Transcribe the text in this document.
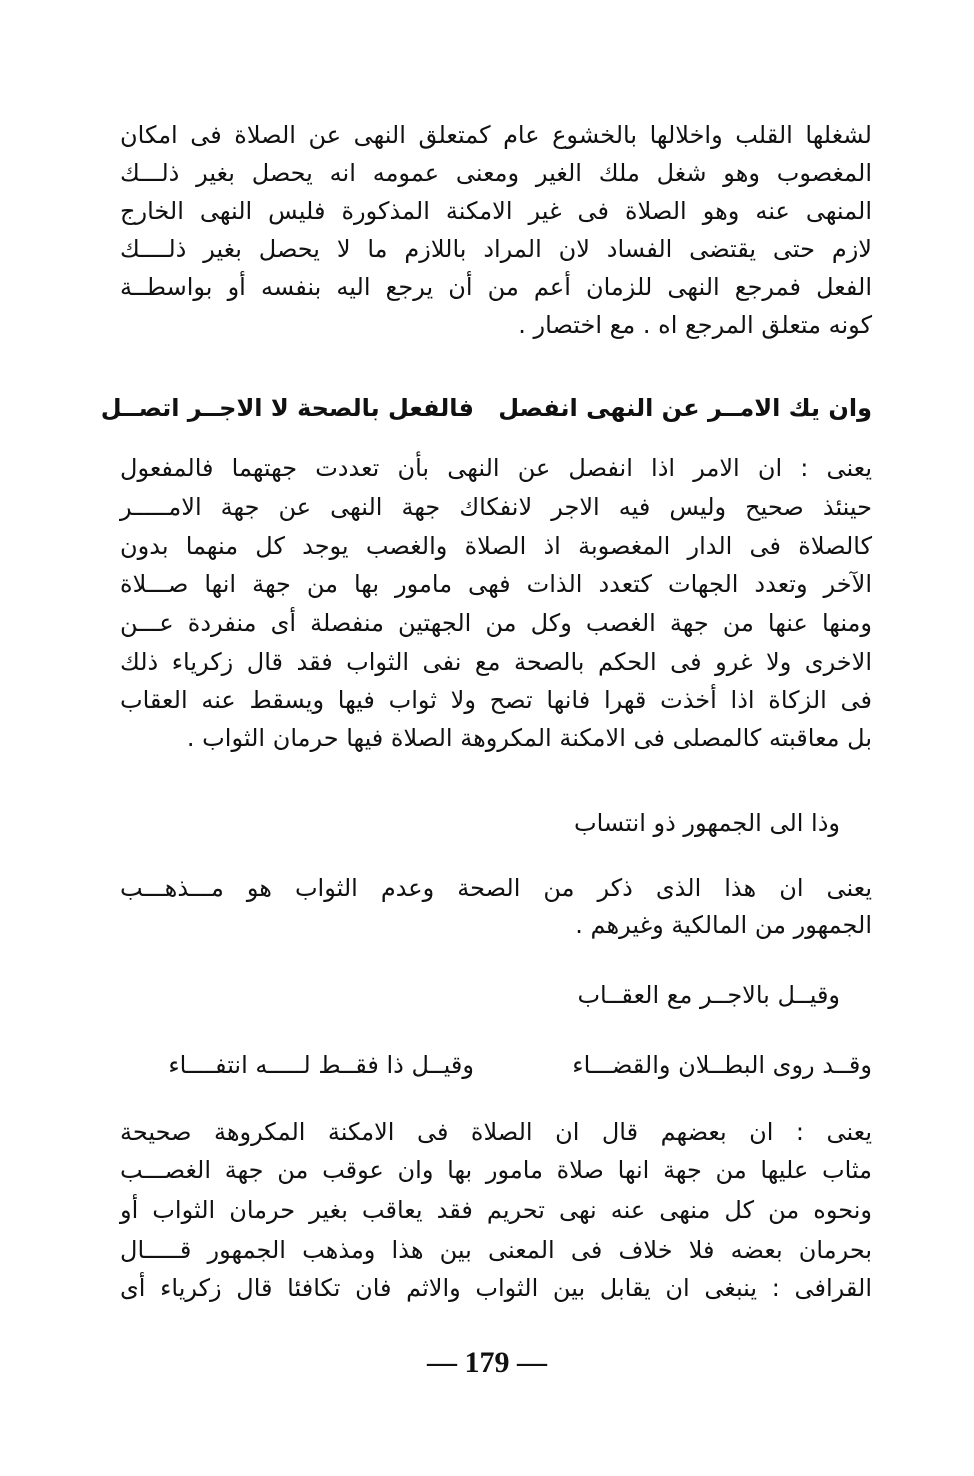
لشغلها القلب واخلالها بالخشوع عام كمتعلق النهى عن الصلاة فى امكان
المغصوب وهو شغل ملك الغير ومعنى عمومه انه يحصل بغير ذلـــك
المنهى عنه وهو الصلاة فى غير الامكنة المذكورة فليس النهى الخارج
لازم حتى يقتضى الفساد لان المراد باللازم ما لا يحصل بغير ذلــــك
الفعل فمرجع النهى للزمان أعم من أن يرجع اليه بنفسه أو بواسطــة
كونه متعلق المرجع اه . مع اختصار .
وان يك الامــر عن النهى انفصل
فالفعل بالصحة لا الاجــر اتصــل
يعنى : ان الامر اذا انفصل عن النهى بأن تعددت جهتهما فالمفعول
حينئذ صحيح وليس فيه الاجر لانفكاك جهة النهى عن جهة الامـــــر
كالصلاة فى الدار المغصوبة اذ الصلاة والغصب يوجد كل منهما بدون
الآخر وتعدد الجهات كتعدد الذات فهى مامور بها من جهة انها صـــلاة
ومنها عنها من جهة الغصب وكل من الجهتين منفصلة أى منفردة عـــن
الاخرى ولا غرو فى الحكم بالصحة مع نفى الثواب فقد قال زكرياء ذلك
فى الزكاة اذا أخذت قهرا فانها تصح ولا ثواب فيها ويسقط عنه العقاب
بل معاقبته كالمصلى فى الامكنة المكروهة الصلاة فيها حرمان الثواب .
وذا الى الجمهور ذو انتساب
يعنى ان هذا الذى ذكر من الصحة وعدم الثواب هو مـــذهـــب
الجمهور من المالكية وغيرهم .
وقيــل بالاجــر مع العقــاب
وقــد روى البطــلان والقضـــاء
وقيــل ذا فقــط لـــــه انتفــــاء
يعنى : ان بعضهم قال ان الصلاة فى الامكنة المكروهة صحيحة
مثاب عليها من جهة انها صلاة مامور بها وان عوقب من جهة الغصـــب
ونحوه من كل منهى عنه نهى تحريم فقد يعاقب بغير حرمان الثواب أو
بحرمان بعضه فلا خلاف فى المعنى بين هذا ومذهب الجمهور قـــــال
القرافى : ينبغى ان يقابل بين الثواب والاثم فان تكافئا قال زكرياء أى
— 179 —
